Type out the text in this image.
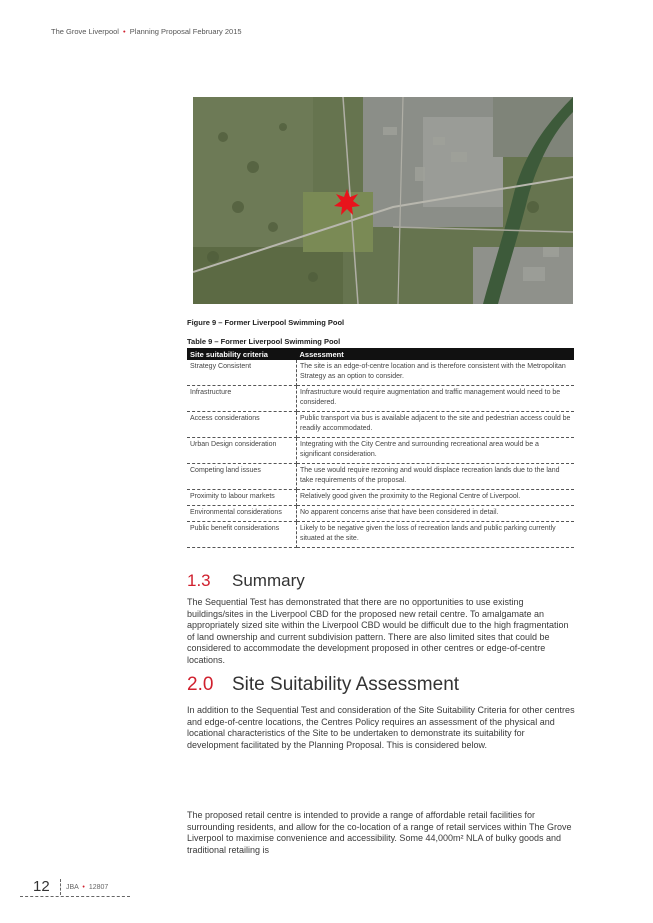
The Grove Liverpool • Planning Proposal February 2015
Figure 9 – Former Liverpool Swimming Pool
Table 9 – Former Liverpool Swimming Pool
Site suitability criteria	Assessment
Strategy Consistent	The site is an edge-of-centre location and is therefore consistent with the Metropolitan Strategy as an option to consider.
Infrastructure	Infrastructure would require augmentation and traffic management would need to be considered.
Access considerations	Public transport via bus is available adjacent to the site and pedestrian access could be readily accommodated.
Urban Design consideration	Integrating with the City Centre and surrounding recreational area would be a significant consideration.
Competing land issues	The use would require rezoning and would displace recreation lands due to the land take requirements of the proposal.
Proximity to labour markets	Relatively good given the proximity to the Regional Centre of Liverpool.
Environmental considerations	No apparent concerns arise that have been considered in detail.
Public benefit considerations	Likely to be negative given the loss of recreation lands and public parking currently situated at the site.
1.3 Summary

The Sequential Test has demonstrated that there are no opportunities to use existing buildings/sites in the Liverpool CBD for the proposed new retail centre. To amalgamate an appropriately sized site within the Liverpool CBD would be difficult due to the high fragmentation of land ownership and current subdivision pattern. There are also limited sites that could be considered to accommodate the development proposed in other centres or edge-of-centre locations.

2.0 Site Suitability Assessment

In addition to the Sequential Test and consideration of the Site Suitability Criteria for other centres and edge-of-centre locations, the Centres Policy requires an assessment of the physical and locational characteristics of the Site to be undertaken to demonstrate its suitability for development facilitated by the Planning Proposal. This is considered below.

The proposed retail centre is intended to provide a range of affordable retail facilities for surrounding residents, and allow for the co-location of a range of retail services within The Grove Liverpool to maximise convenience and accessibility. Some 44,000m² NLA of bulky goods and traditional retailing is

12 JBA • 12807
